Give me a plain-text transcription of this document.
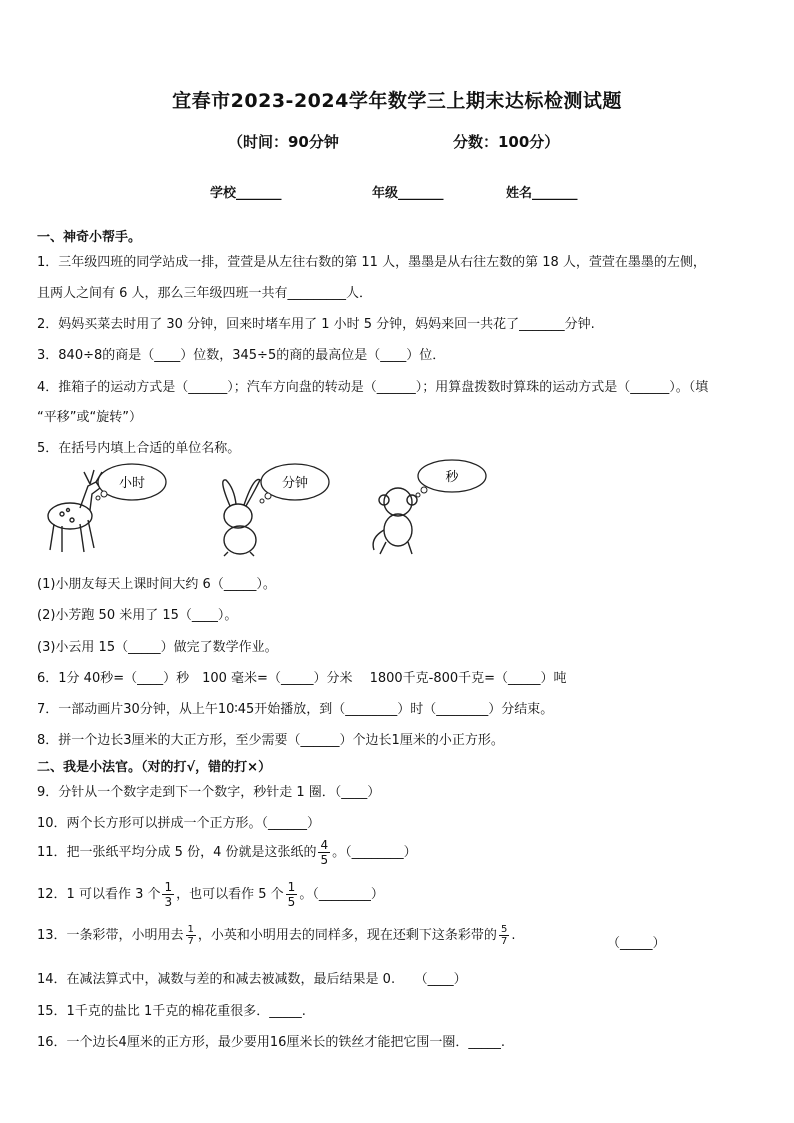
宜春市2023-2024学年数学三上期末达标检测试题
（时间：90分钟	分数：100分）
学校_______	年级_______	姓名_______
一、神奇小帮手。
1．三年级四班的同学站成一排，萱萱是从左往右数的第 11 人，墨墨是从右往左数的第 18 人，萱萱在墨墨的左侧，
且两人之间有 6 人，那么三年级四班一共有_________人．
2．妈妈买菜去时用了 30 分钟，回来时堵车用了 1 小时 5 分钟，妈妈来回一共花了_______分钟.
3．840÷8的商是（____）位数，345÷5的商的最高位是（____）位．
4．推箱子的运动方式是（______）；汽车方向盘的转动是（______）；用算盘拨数时算珠的运动方式是（______）。（填
“平移”或“旋转”）
5．在括号内填上合适的单位名称。
小时	分钟	秒
(1)小朋友每天上课时间大约 6（_____）。
(2)小芳跑 50 米用了 15（____）。
(3)小云用 15（_____）做完了数学作业。
6．1分 40秒=（____）秒　100 毫米=（_____）分米　 1800千克-800千克=（_____）吨
7．一部动画片30分钟，从上午10∶45开始播放，到（________）时（________）分结束。
8．拼一个边长3厘米的大正方形，至少需要（______）个边长1厘米的小正方形。
二、我是小法官。（对的打√，错的打×）
9．分针从一个数字走到下一个数字，秒针走 1 圈．（____）
10．两个长方形可以拼成一个正方形。（______）
11．把一张纸平均分成 5 份，4 份就是这张纸的 $\frac{4}{5}$ 。（________）
12．1 可以看作 3 个 $\frac{1}{3}$ ，也可以看作 5 个 $\frac{1}{5}$ 。（________）
13．一条彩带，小明用去 $\frac{1}{7}$ ，小英和小明用去的同样多，现在还剩下这条彩带的 $\frac{5}{7}$ .
（_____）
14．在减法算式中，减数与差的和减去被减数，最后结果是 0.　　（____）
15．1千克的盐比 1千克的棉花重很多．_____.
16．一个边长4厘米的正方形，最少要用16厘米长的铁丝才能把它围一圈．_____.
